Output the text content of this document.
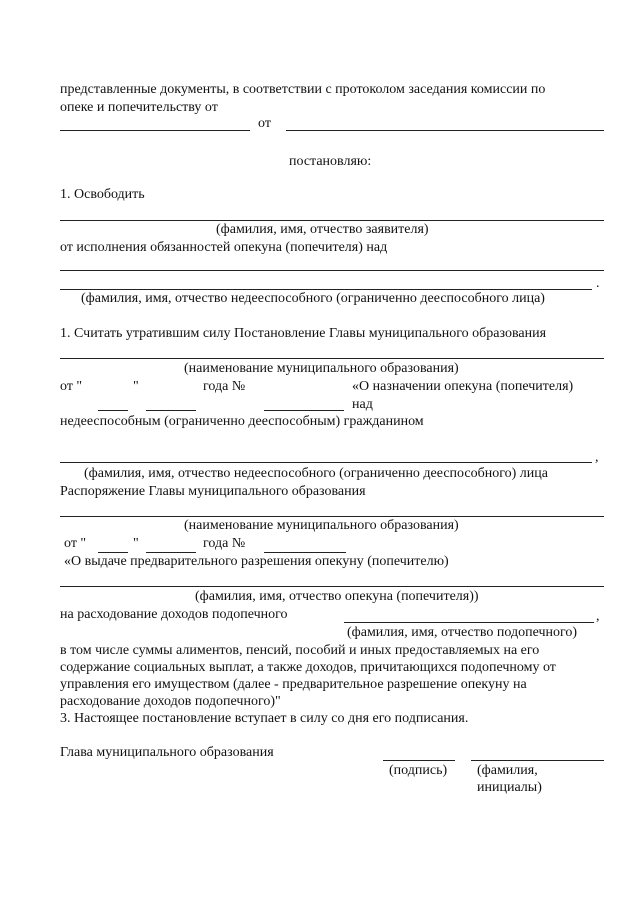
представленные документы, в соответствии с протоколом заседания комиссии по
опеке и попечительству от
от
постановляю:
1. Освободить
(фамилия, имя, отчество заявителя)
от исполнения обязанностей опекуна (попечителя) над
.
(фамилия, имя, отчество недееспособного (ограниченно дееспособного лица)
1. Считать утратившим силу Постановление Главы муниципального образования
(наименование муниципального образования)
от "	"	года №	«О назначении опекуна (попечителя)
над
недееспособным (ограниченно дееспособным) гражданином
,
(фамилия, имя, отчество недееспособного (ограниченно дееспособного) лица
Распоряжение Главы муниципального образования
(наименование муниципального образования)
от "	"	года №
«О выдаче предварительного разрешения опекуну (попечителю)
(фамилия, имя, отчество опекуна (попечителя))
на расходование доходов подопечного	,
(фамилия, имя, отчество подопечного)
в том числе суммы алиментов, пенсий, пособий и иных предоставляемых на его
содержание социальных выплат, а также доходов, причитающихся подопечному от
управления его имуществом (далее - предварительное разрешение опекуну на
расходование доходов подопечного)"
3. Настоящее постановление вступает в силу со дня его подписания.
Глава муниципального образования
(подпись) (фамилия,
инициалы)
